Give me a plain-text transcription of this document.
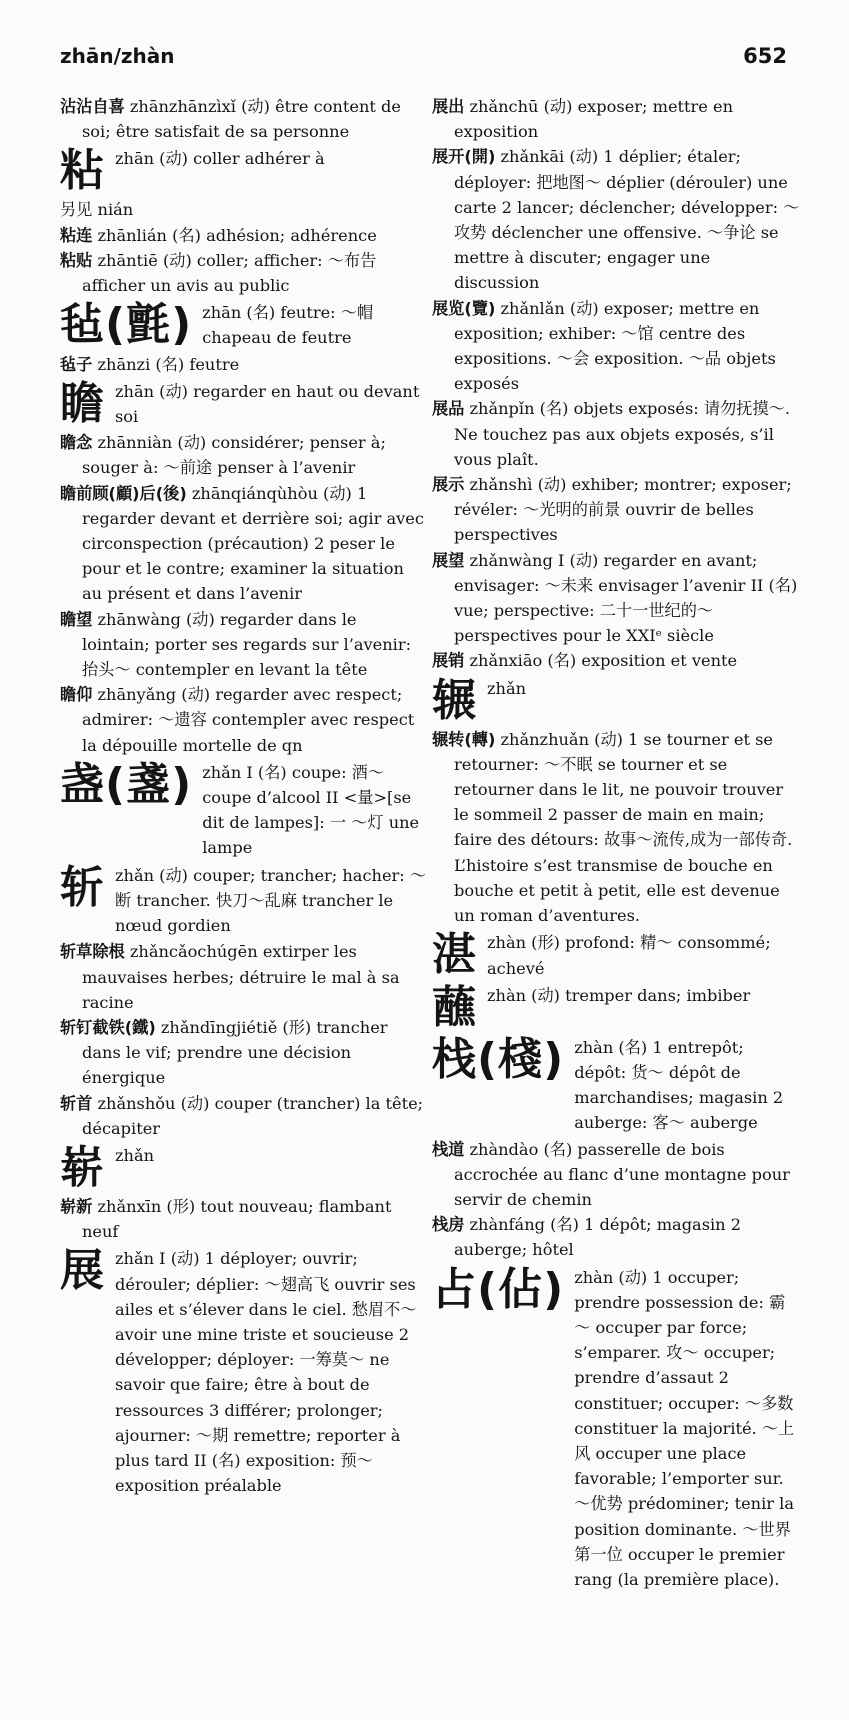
zhān/zhàn	652

沾沾自喜 zhānzhānzìxǐ (动) être content de soi; être satisfait de sa personne

粘 zhān (动) coller adhérer à

另见 nián

粘连 zhānlián (名) adhésion; adhérence

粘贴 zhāntiē (动) coller; afficher: ～布告 afficher un avis au public

毡(氈) zhān (名) feutre: ～帽 chapeau de feutre

毡子 zhānzi (名) feutre

瞻 zhān (动) regarder en haut ou devant soi

瞻念 zhānniàn (动) considérer; penser à; souger à: ～前途 penser à l’avenir

瞻前顾(顧)后(後) zhānqiánqùhòu (动) 1 regarder devant et derrière soi; agir avec circonspection (précaution) 2 peser le pour et le contre; examiner la situation au présent et dans l’avenir

瞻望 zhānwàng (动) regarder dans le lointain; porter ses regards sur l’avenir: 抬头～ contempler en levant la tête

瞻仰 zhānyǎng (动) regarder avec respect; admirer: ～遗容 contempler avec respect la dépouille mortelle de qn

盏(盞) zhǎn I (名) coupe: 酒～coupe d’alcool II <量>[se dit de lampes]: 一 ～灯 une lampe
斩 zhǎn (动) couper; trancher; hacher: ～断 trancher. 快刀～乱麻 trancher le nœud gordien

斩草除根 zhǎncǎochúgēn extirper les mauvaises herbes; détruire le mal à sa racine

斩钉截铁(鐵) zhǎndīngjiétiě (形) trancher dans le vif; prendre une décision énergique

斩首 zhǎnshǒu (动) couper (trancher) la tête; décapiter

崭 zhǎn

崭新 zhǎnxīn (形) tout nouveau; flambant neuf

展 zhǎn I (动) 1 déployer; ouvrir; dérouler; déplier: ～翅高飞 ouvrir ses ailes et s’élever dans le ciel. 愁眉不～ avoir une mine triste et soucieuse 2 développer; déployer: 一筹莫～ ne savoir que faire; être à bout de ressources 3 différer; prolonger; ajourner: ～期 remettre; reporter à plus tard II (名) exposition: 预～ exposition préalable

展出 zhǎnchū (动) exposer; mettre en exposition

展开(開) zhǎnkāi (动) 1 déplier; étaler; déployer: 把地图～ déplier (dérouler) une carte 2 lancer; déclencher; développer: ～攻势 déclencher une offensive. ～争论 se mettre à discuter; engager une discussion

展览(覽) zhǎnlǎn (动) exposer; mettre en exposition; exhiber: ～馆 centre des expositions. ～会 exposition. ～品 objets exposés

展品 zhǎnpǐn (名) objets exposés: 请勿抚摸～. Ne touchez pas aux objets exposés, s’il vous plaît.

展示 zhǎnshì (动) exhiber; montrer; exposer; révéler: ～光明的前景 ouvrir de belles perspectives

展望 zhǎnwàng I (动) regarder en avant; envisager: ～未来 envisager l’avenir II (名) vue; perspective: 二十一世纪的～ perspectives pour le XXIᵉ siècle

展销 zhǎnxiāo (名) exposition et vente

辗 zhǎn

辗转(轉) zhǎnzhuǎn (动) 1 se tourner et se retourner: ～不眠 se tourner et se retourner dans le lit, ne pouvoir trouver le sommeil 2 passer de main en main; faire des détours: 故事～流传,成为一部传奇. L’histoire s’est transmise de bouche en bouche et petit à petit, elle est devenue un roman d’aventures.

湛 zhàn (形) profond: 精～ consommé; achevé
蘸 zhàn (动) tremper dans; imbiber
栈(棧) zhàn (名) 1 entrepôt; dépôt: 货～ dépôt de marchandises; magasin 2 auberge: 客～ auberge

栈道 zhàndào (名) passerelle de bois accrochée au flanc d’une montagne pour servir de chemin

栈房 zhànfáng (名) 1 dépôt; magasin 2 auberge; hôtel

占(佔) zhàn (动) 1 occuper; prendre possession de: 霸～ occuper par force; s’emparer. 攻～ occuper; prendre d’assaut 2 constituer; occuper: ～多数 constituer la majorité. ～上风 occuper une place favorable; l’emporter sur. ～优势 prédominer; tenir la position dominante. ～世界第一位 occuper le premier rang (la première place).
